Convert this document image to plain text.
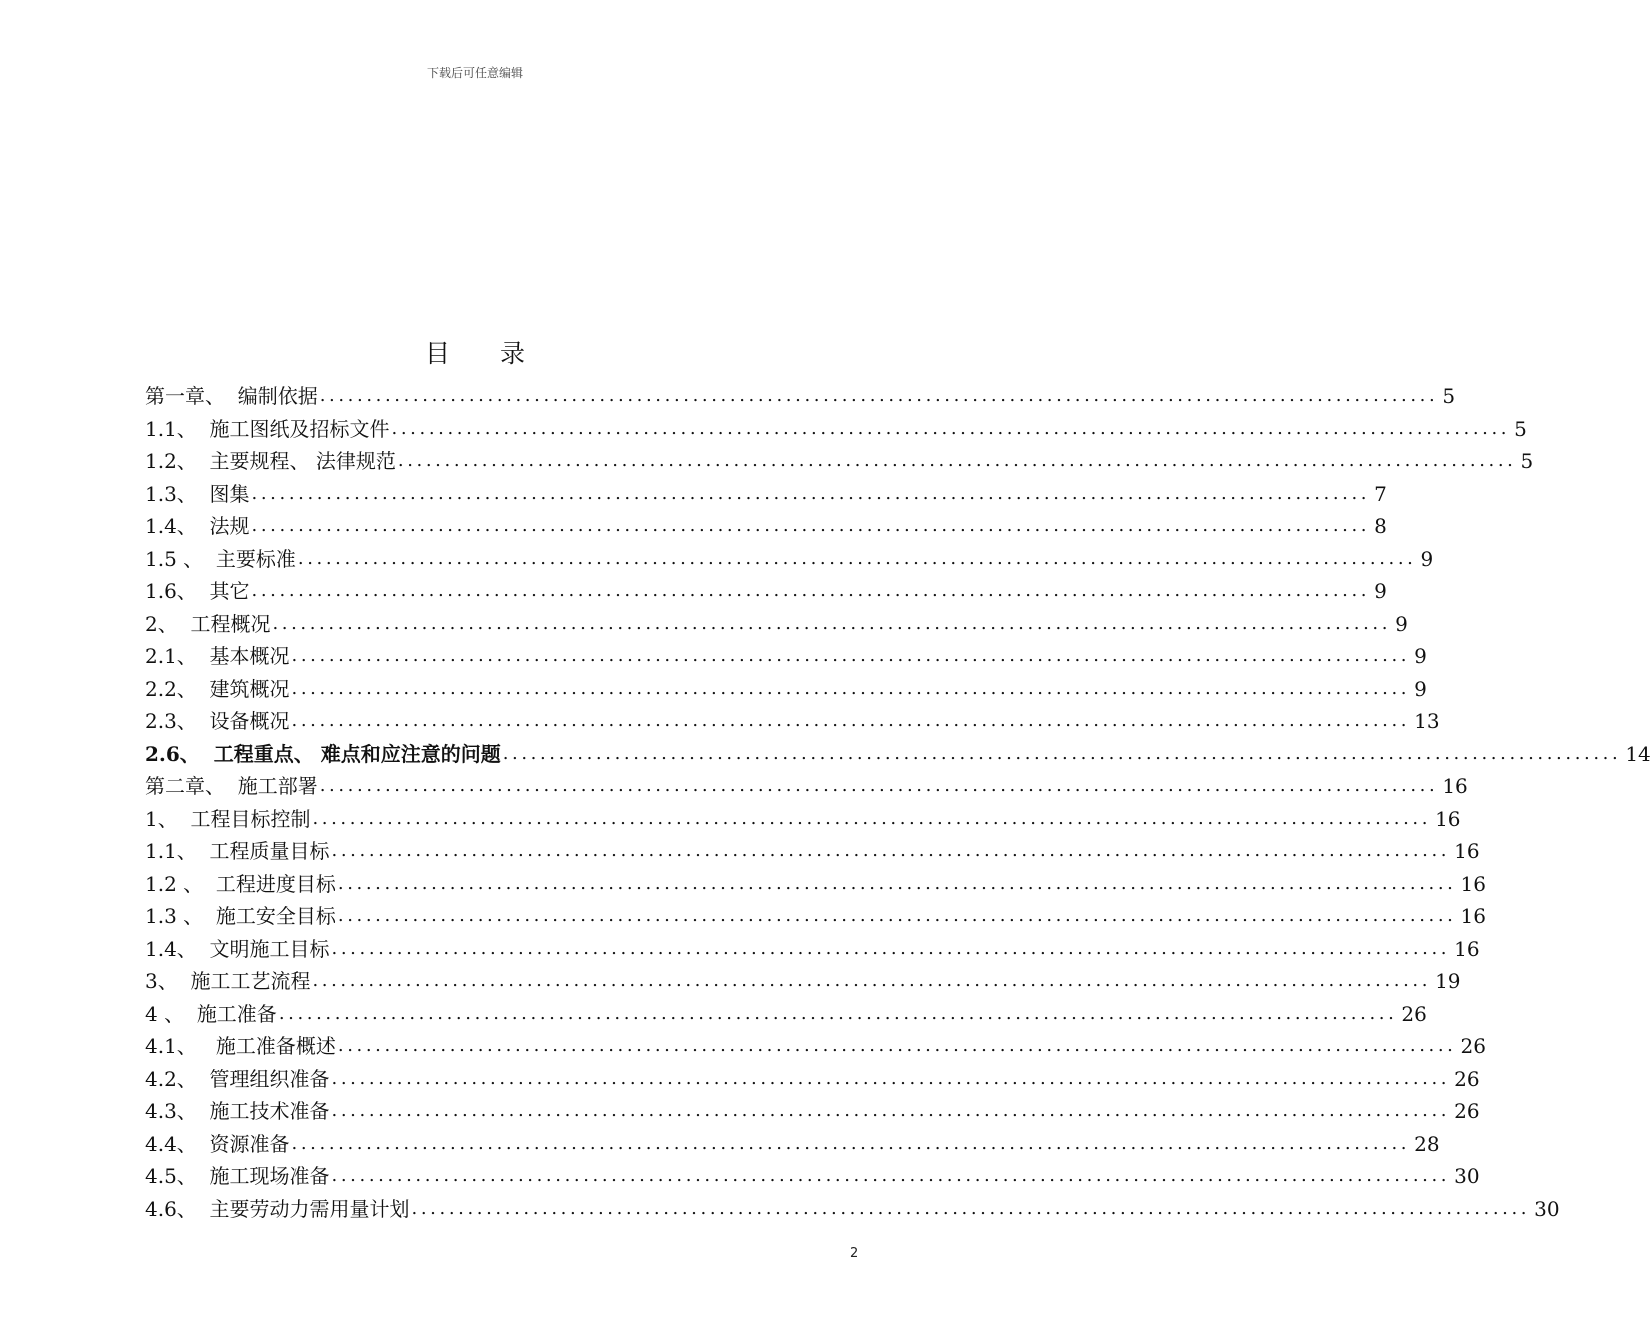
下载后可任意编辑
目 录
第一章、
编制依据 ........................................................................................................................ 5
1.1、
施工图纸及招标文件 ........................................................................................................................ 5
1.2、
主要规程、 法律规范 ........................................................................................................................ 5
1.3、
图集 ........................................................................................................................ 7
1.4、
法规 ........................................................................................................................ 8
1.5 、
主要标准 ........................................................................................................................ 9
1.6、
其它 ........................................................................................................................ 9
2、
工程概况 ........................................................................................................................ 9
2.1、
基本概况 ........................................................................................................................ 9
2.2、
建筑概况 ........................................................................................................................ 9
2.3、
设备概况 ........................................................................................................................ 13
2.6、
工程重点、 难点和应注意的问题 ........................................................................................................................ 14
第二章、
施工部署 ........................................................................................................................ 16
1、
工程目标控制 ........................................................................................................................ 16
1.1、
工程质量目标 ........................................................................................................................ 16
1.2 、
工程进度目标 ........................................................................................................................ 16
1.3 、
施工安全目标 ........................................................................................................................ 16
1.4、
文明施工目标 ........................................................................................................................ 16
3、
施工工艺流程 ........................................................................................................................ 19
4 、
施工准备 ........................................................................................................................ 26
4.1、
施工准备概述 ........................................................................................................................ 26
4.2、
管理组织准备 ........................................................................................................................ 26
4.3、
施工技术准备 ........................................................................................................................ 26
4.4、
资源准备 ........................................................................................................................ 28
4.5、
施工现场准备 ........................................................................................................................ 30
4.6、
主要劳动力需用量计划 ........................................................................................................................ 30
2
